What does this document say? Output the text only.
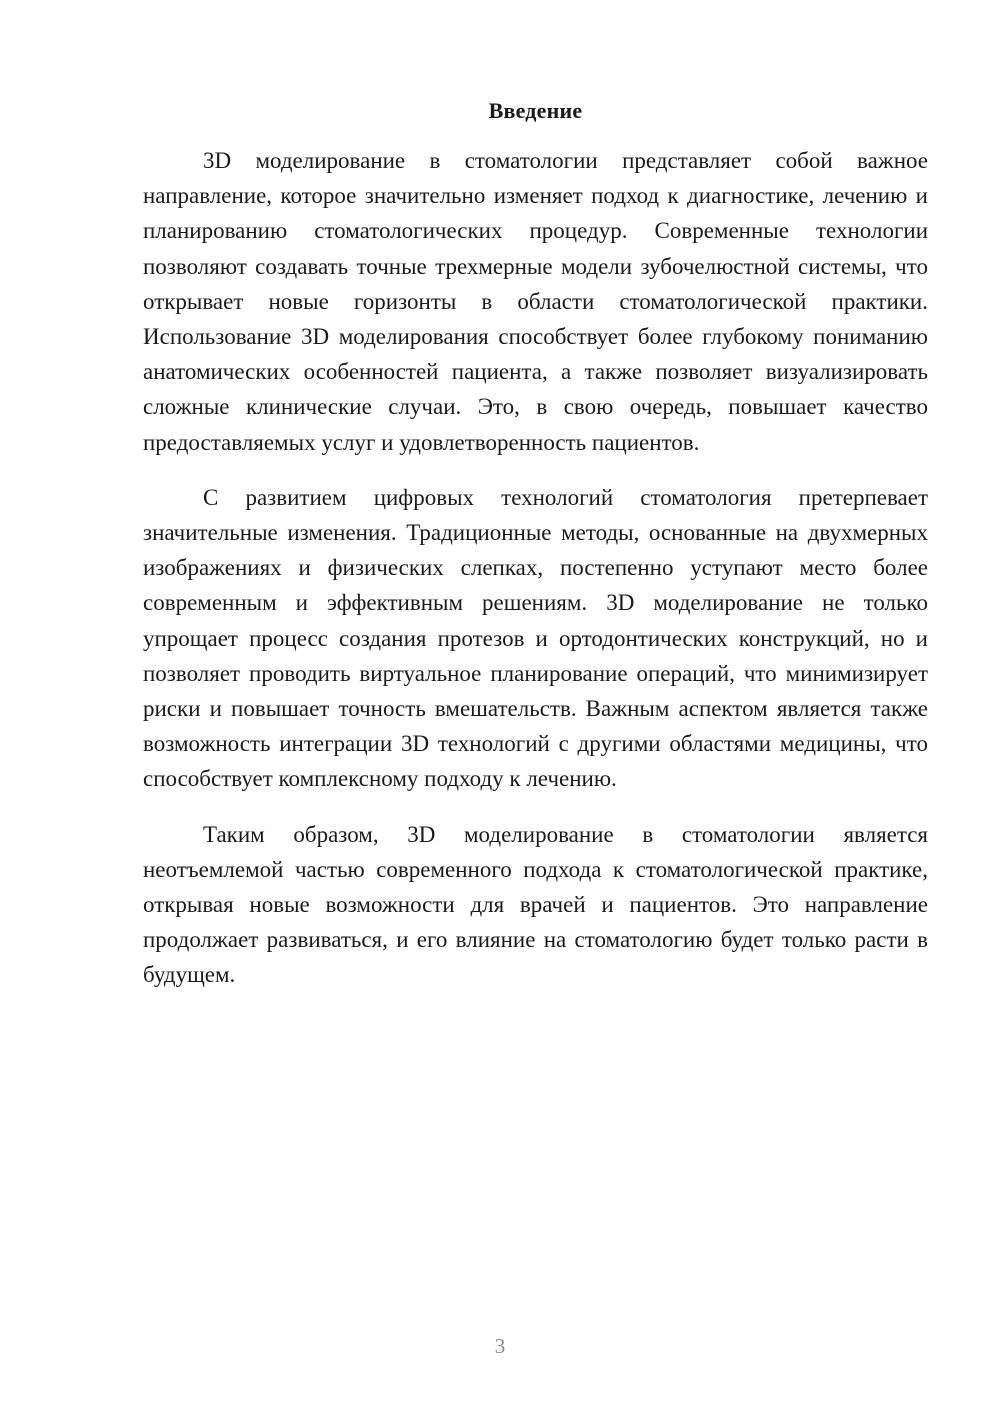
Введение

3D моделирование в стоматологии представляет собой важное направление, которое значительно изменяет подход к диагностике, лечению и планированию стоматологических процедур. Современные технологии позволяют создавать точные трехмерные модели зубочелюстной системы, что открывает новые горизонты в области стоматологической практики. Использование 3D моделирования способствует более глубокому пониманию анатомических особенностей пациента, а также позволяет визуализировать сложные клинические случаи. Это, в свою очередь, повышает качество предоставляемых услуг и удовлетворенность пациентов.

С развитием цифровых технологий стоматология претерпевает значительные изменения. Традиционные методы, основанные на двухмерных изображениях и физических слепках, постепенно уступают место более современным и эффективным решениям. 3D моделирование не только упрощает процесс создания протезов и ортодонтических конструкций, но и позволяет проводить виртуальное планирование операций, что минимизирует риски и повышает точность вмешательств. Важным аспектом является также возможность интеграции 3D технологий с другими областями медицины, что способствует комплексному подходу к лечению.

Таким образом, 3D моделирование в стоматологии является неотъемлемой частью современного подхода к стоматологической практике, открывая новые возможности для врачей и пациентов. Это направление продолжает развиваться, и его влияние на стоматологию будет только расти в будущем.

3
